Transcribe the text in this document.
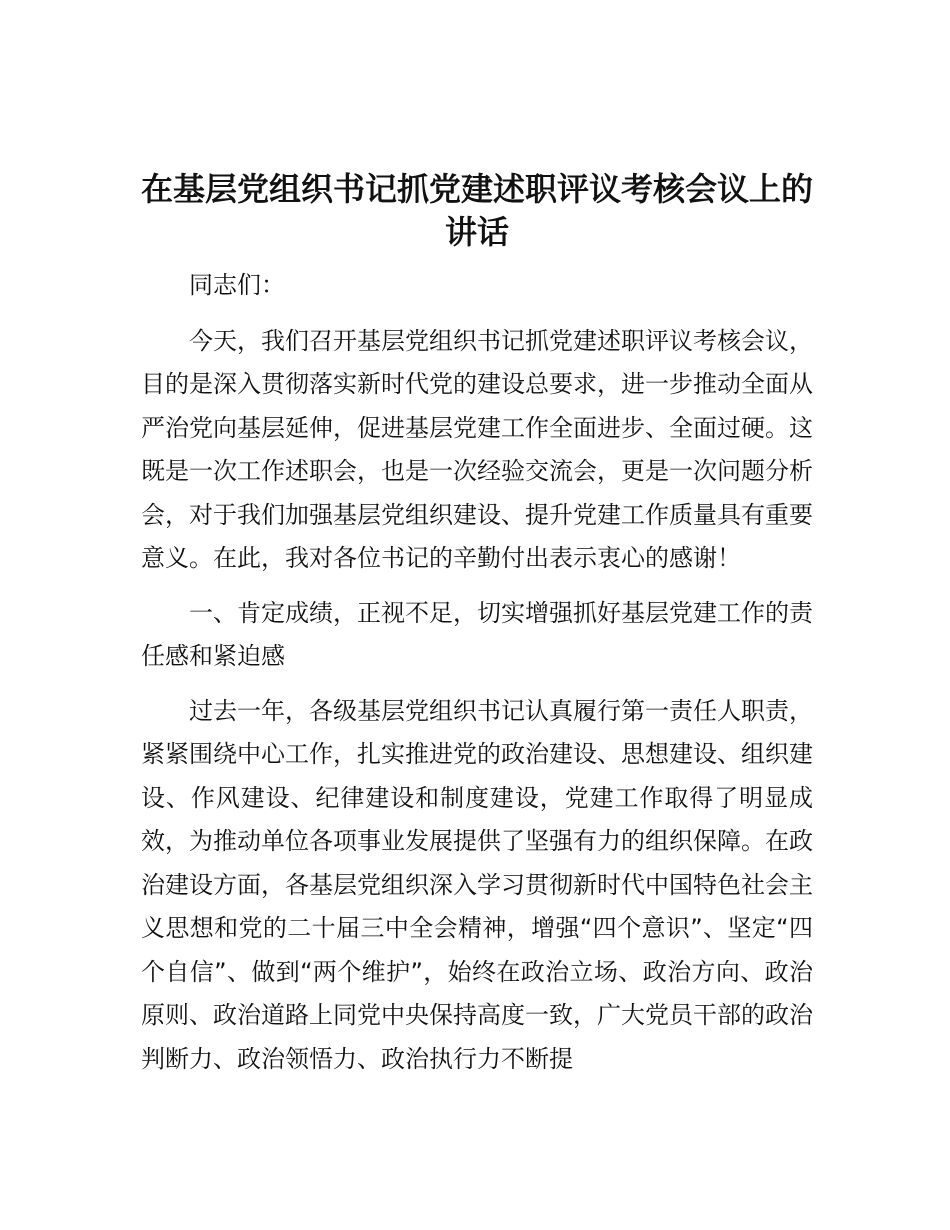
在基层党组织书记抓党建述职评议考核会议上的讲话

同志们：

今天，我们召开基层党组织书记抓党建述职评议考核会议，目的是深入贯彻落实新时代党的建设总要求，进一步推动全面从严治党向基层延伸，促进基层党建工作全面进步、全面过硬。这既是一次工作述职会，也是一次经验交流会，更是一次问题分析会，对于我们加强基层党组织建设、提升党建工作质量具有重要意义。在此，我对各位书记的辛勤付出表示衷心的感谢！

一、肯定成绩，正视不足，切实增强抓好基层党建工作的责任感和紧迫感

过去一年，各级基层党组织书记认真履行第一责任人职责，紧紧围绕中心工作，扎实推进党的政治建设、思想建设、组织建设、作风建设、纪律建设和制度建设，党建工作取得了明显成效，为推动单位各项事业发展提供了坚强有力的组织保障。在政治建设方面，各基层党组织深入学习贯彻新时代中国特色社会主义思想和党的二十届三中全会精神，增强“四个意识”、坚定“四个自信”、做到“两个维护”，始终在政治立场、政治方向、政治原则、政治道路上同党中央保持高度一致，广大党员干部的政治判断力、政治领悟力、政治执行力不断提
